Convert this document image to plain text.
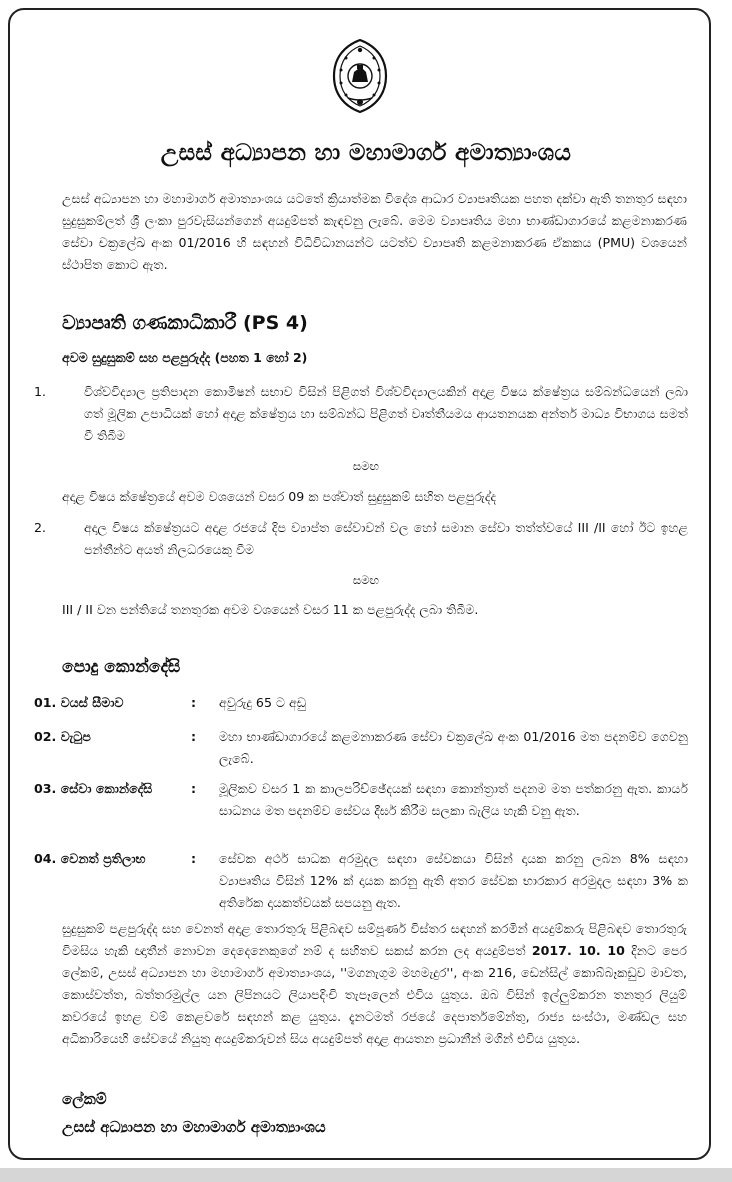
උසස් අධ්‍යාපන හා මහාමාර්ග අමාත්‍යාංශය
උසස් අධ්‍යාපන හා මහාමාර්ග අමාත්‍යාංශය යටතේ ක්‍රියාත්මක විදේශ ආධාර ව්‍යාපෘතියක පහත දක්වා ඇති තනතුර සඳහා සුදුසුකම්ලත් ශ්‍රී ලංකා පුරවැසියන්ගෙන් අයදුම්පත් කැඳවනු ලැබේ. මෙම ව්‍යාපෘතිය මහා භාණ්ඩාගාරයේ කළමනාකරණ සේවා චක්‍රලේඛ අංක 01/2016 හි සඳහන් විධිවිධානයන්ට යටත්ව ව්‍යාපෘති කළමනාකරණ ඒකකය (PMU) වශයෙන් ස්ථාපිත කොට ඇත.
ව්‍යාපෘති ගණකාධිකාරී (PS 4)
අවම සුදුසුකම් සහ පළපුරුද්ද (පහත 1 හෝ 2)
1.	විශ්වවිද්‍යාල ප්‍රතිපාදන කොමිෂන් සභාව විසින් පිළිගත් විශ්වවිද්‍යාලයකින් අදාළ විෂය ක්ෂේත්‍රය සම්බන්ධයෙන් ලබා ගත් මූලික උපාධියක් හෝ අදාළ ක්ෂේත්‍රය හා සම්බන්ධ පිළිගත් වෘත්තීයමය ආයතනයක අන්තර් මාධ්‍ය විභාගය සමත් වී තිබීම
සමඟ
අදාළ විෂය ක්ෂේත්‍රයේ අවම වශයෙන් වසර 09 ක පශ්චාත් සුදුසුකම් සහිත පළපුරුද්ද
2.	අදාල විෂය ක්ෂේත්‍රයට අදාළ රජයේ දිප ව්‍යාප්ත සේවාවන් වල හෝ සමාන සේවා තත්ත්වයේ III /II හෝ ඊට ඉහළ පන්තීන්ට අයත් නිලධරයෙකු වීම
සමඟ
III / II වන පන්තියේ තනතුරක අවම වශයෙන් වසර 11 ක පළපුරුද්ද ලබා තිබීම.
පොදු කොන්දේසි
01. වයස් සීමාව	: අවුරුදු 65 ට අඩු
02. වැටුප	: මහා භාණ්ඩාගාරයේ කළමනාකරණ සේවා චක්‍රලේඛ අංක 01/2016 මත පදනම්ව ගෙවනු ලැබේ.
03. සේවා කොන්දේසි	: මූලිකව වසර 1 ක කාලපරිච්ඡේදයක් සඳහා කොන්ත්‍රාත් පදනම මත පත්කරනු ඇත. කාර්ය සාධනය මත පදනම්ව සේවය දීර්ඝ කිරීම සලකා බැලිය හැකි වනු ඇත.
04. වෙනත් ප්‍රතිලාභ	: සේවක අර්ථ සාධක අරමුදල සඳහා සේවකයා විසින් දායක කරනු ලබන 8% සඳහා ව්‍යාපෘතිය විසින් 12% ක් දායක කරනු ඇති අතර සේවක භාරකාර අරමුදල සඳහා 3% ක අතිරේක දායකත්වයක් සපයනු ඇත.
සුදුසුකම් පළපුරුද්ද සහ වෙනත් අදාළ තොරතුරු පිළිබඳව සම්පූර්ණ විස්තර සඳහන් කරමින් අයදුම්කරු පිළිබඳව තොරතුරු විමසිය හැකි ඥාතීන් නොවන දෙදෙනෙකුගේ නම් ද සහිතව සකස් කරන ලද අයදුම්පත් 2017. 10. 10 දිනට පෙර ලේකම්, උසස් අධ්‍යාපන හා මහාමාර්ග අමාත්‍යාංශය, ''මගනැගුම මහමැදුර'', අංක 216, ඩෙන්සිල් කොබ්බෑකඩුව මාවත, කොස්වත්ත, බත්තරමුල්ල යන ලිපිනයට ලියාපදිංචි තැපෑලෙන් එවිය යුතුය. ඔබ විසින් ඉල්ලුම්කරන තනතුර ලියුම් කවරයේ ඉහළ වම් කෙළවරේ සඳහන් කළ යුතුය. දැනටමත් රජයේ දෙපාර්තමේන්තු, රාජ්‍ය සංස්ථා, මණ්ඩල සහ අධිකාරියෙහි සේවයේ නියුතු අයදුම්කරුවන් සිය අයදුම්පත් අදාළ ආයතන ප්‍රධානීන් මගින් එවිය යුතුය.
ලේකම්
උසස් අධ්‍යාපන හා මහාමාර්ග අමාත්‍යාංශය
